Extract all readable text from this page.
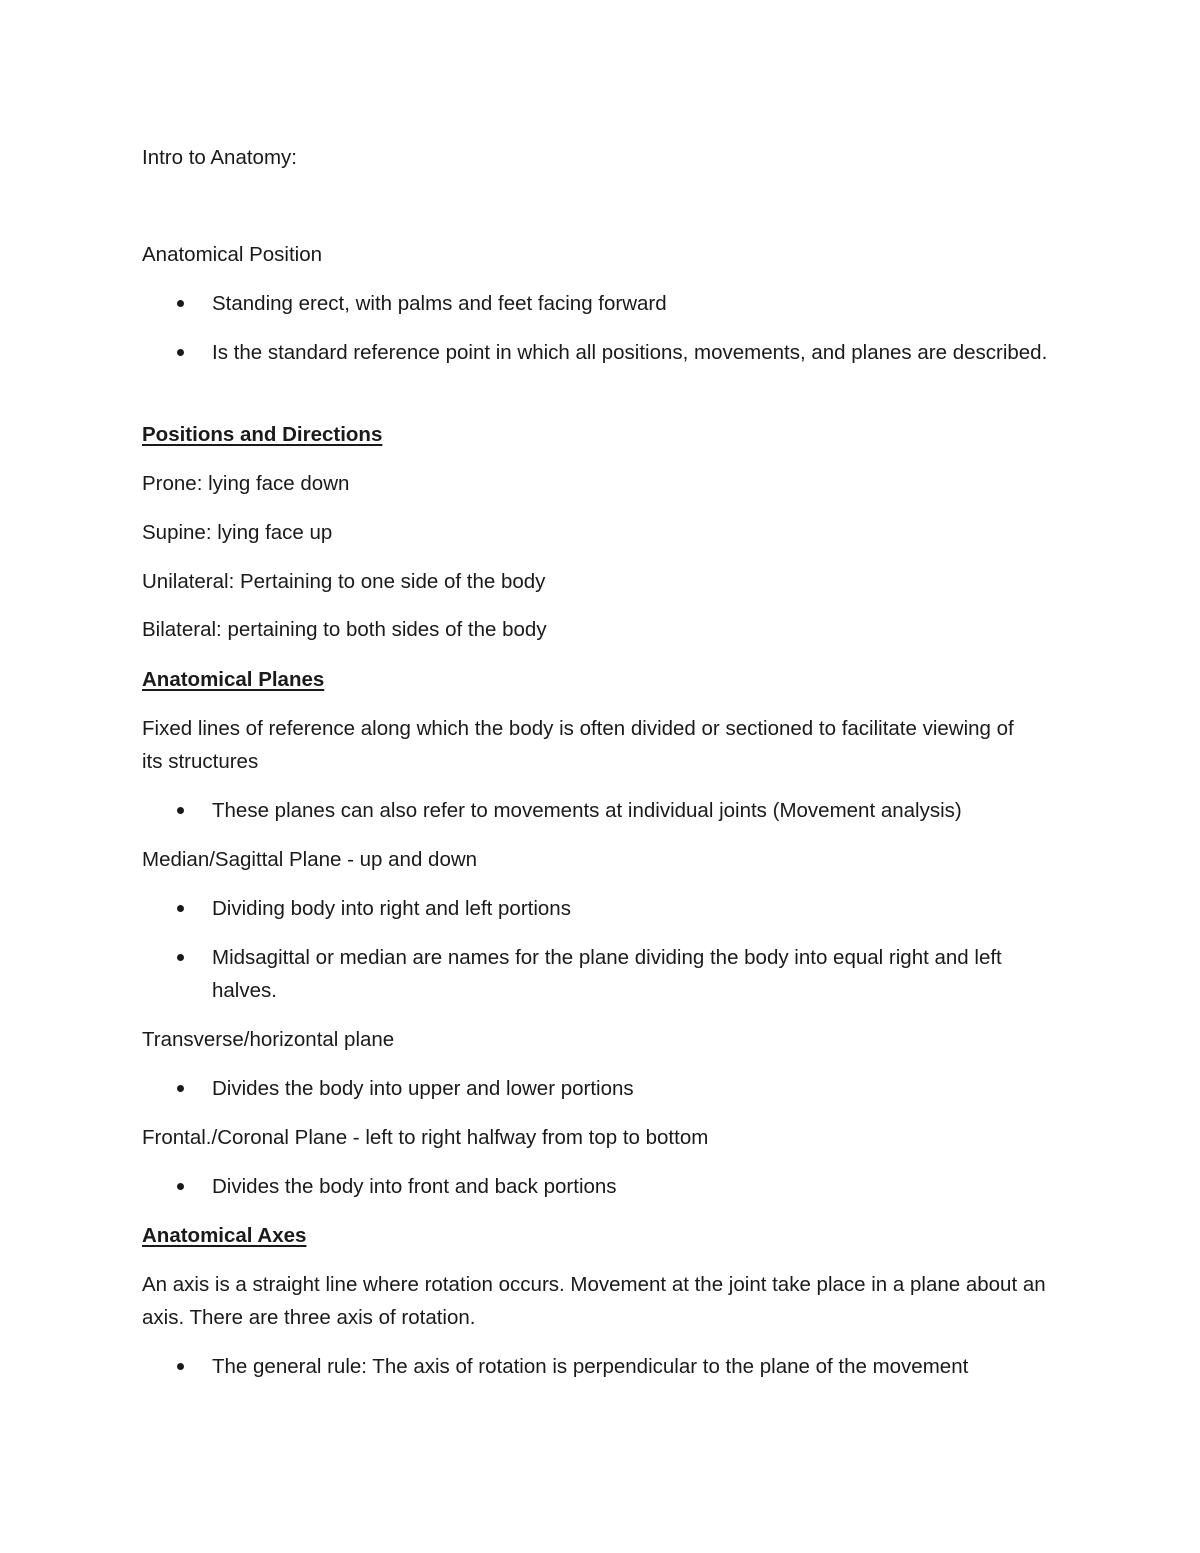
Intro to Anatomy:

Anatomical Position

Standing erect, with palms and feet facing forward
Is the standard reference point in which all positions, movements, and planes are described.

Positions and Directions

Prone: lying face down

Supine: lying face up

Unilateral: Pertaining to one side of the body

Bilateral: pertaining to both sides of the body

Anatomical Planes

Fixed lines of reference along which the body is often divided or sectioned to facilitate viewing of its structures
These planes can also refer to movements at individual joints (Movement analysis)

Median/Sagittal Plane - up and down

Dividing body into right and left portions
Midsagittal or median are names for the plane dividing the body into equal right and left halves.

Transverse/horizontal plane

Divides the body into upper and lower portions

Frontal./Coronal Plane - left to right halfway from top to bottom

Divides the body into front and back portions

Anatomical Axes

An axis is a straight line where rotation occurs. Movement at the joint take place in a plane about an axis. There are three axis of rotation.
The general rule: The axis of rotation is perpendicular to the plane of the movement
